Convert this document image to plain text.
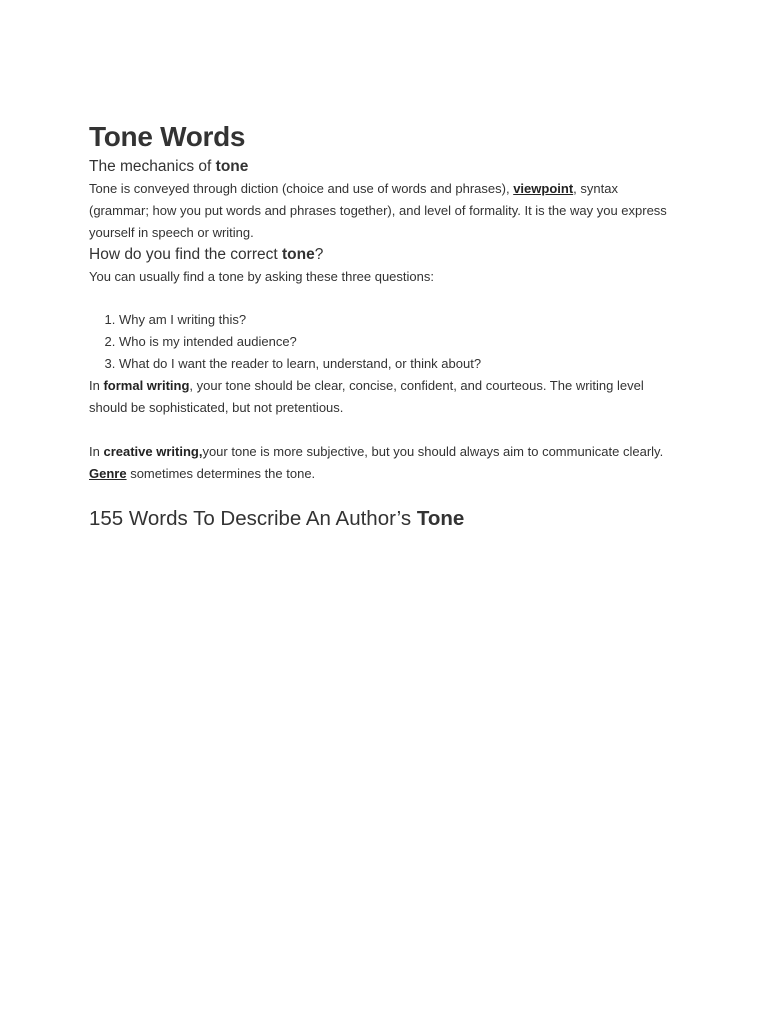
Tone Words
The mechanics of tone

Tone is conveyed through diction (choice and use of words and phrases), viewpoint, syntax (grammar; how you put words and phrases together), and level of formality. It is the way you express yourself in speech or writing.

How do you find the correct tone?

You can usually find a tone by asking these three questions:

1. Why am I writing this?
2. Who is my intended audience?
3. What do I want the reader to learn, understand, or think about?

In formal writing, your tone should be clear, concise, confident, and courteous. The writing level should be sophisticated, but not pretentious.

In creative writing,your tone is more subjective, but you should always aim to communicate clearly. Genre sometimes determines the tone.

155 Words To Describe An Author’s Tone
